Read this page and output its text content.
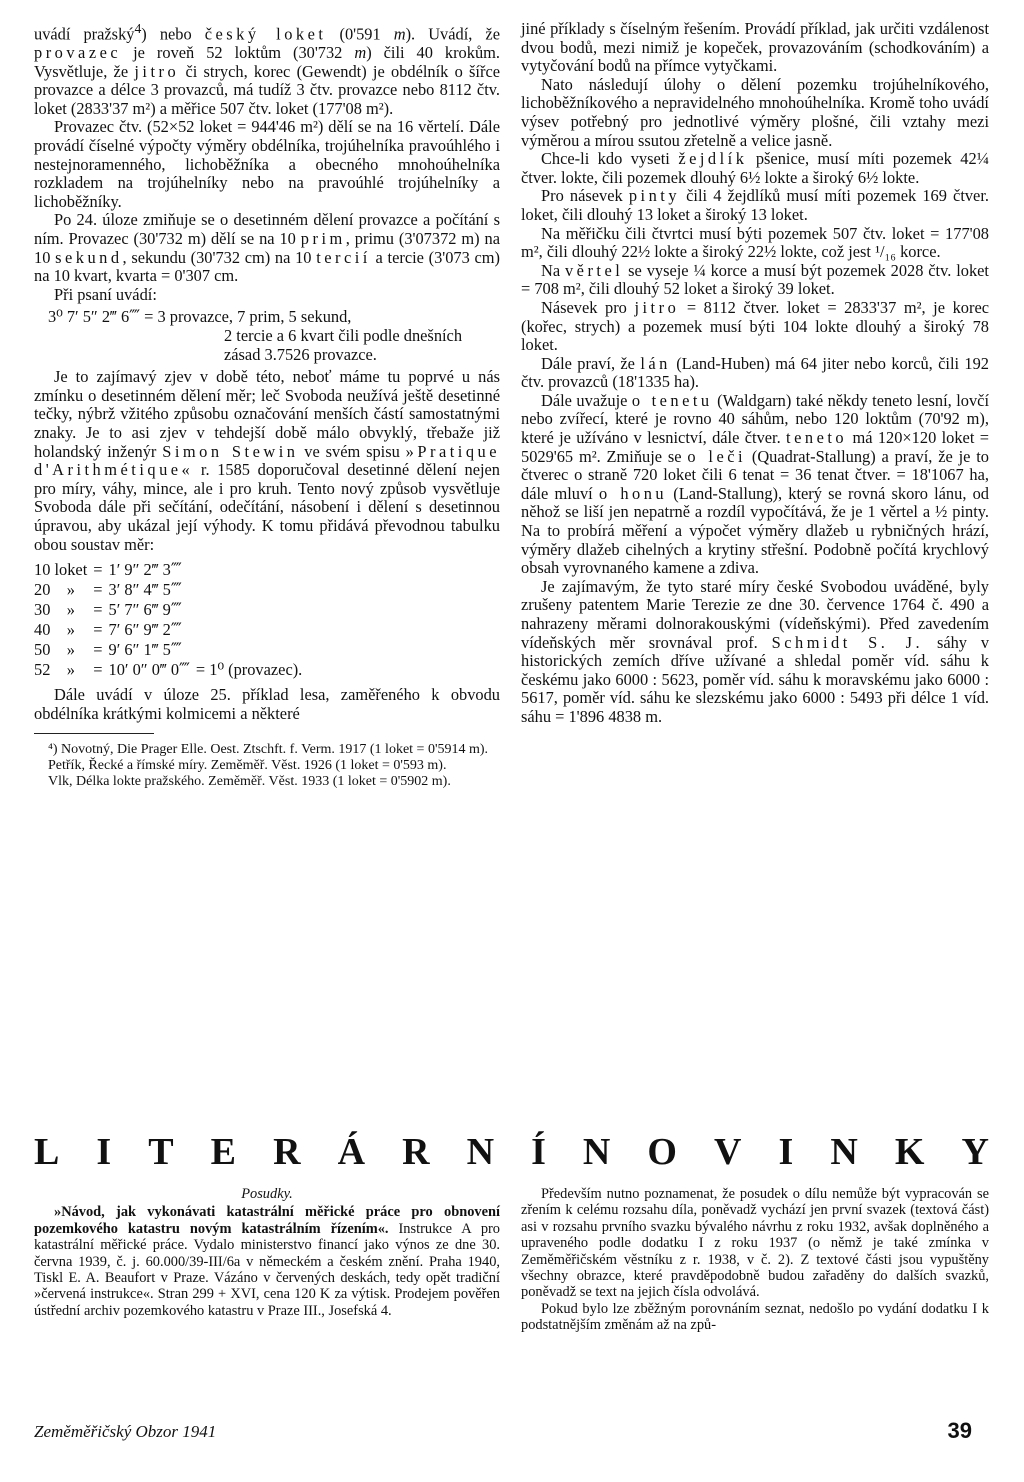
uvádí pražský$^4$) nebo český loket (0'591 m). Uvádí, že provazec je roveň 52 loktům (30'732 m) čili 40 krokům. Vysvětluje, že jitro či strych, korec (Gewendt) je obdélník o šířce provazce a délce 3 provazců, má tudíž 3 čtv. provazce nebo 8112 čtv. loket (2833'37 m²) a měřice 507 čtv. loket (177'08 m²).

Provazec čtv. (52×52 loket = 944'46 m²) dělí se na 16 věrtelí. Dále provádí číselné výpočty výměry obdélníka, trojúhelníka pravoúhlého i nestejnoramenného, lichoběžníka a obecného mnohoúhelníka rozkladem na trojúhelníky nebo na pravoúhlé trojúhelníky a lichoběžníky.

Po 24. úloze zmiňuje se o desetinném dělení provazce a počítání s ním. Provazec (30'732 m) dělí se na 10 prim, primu (3'07372 m) na 10 sekund, sekundu (30'732 cm) na 10 tercií a tercie (3'073 cm) na 10 kvart, kvarta = 0'307 cm.

Při psaní uvádí:

3⁰ 7′ 5″ 2‴ 6⁗ = 3 provazce, 7 prim, 5 sekund,
2 tercie a 6 kvart čili podle dnešních zásad 3.7526 provazce.

Je to zajímavý zjev v době této, neboť máme tu poprvé u nás zmínku o desetinném dělení měr; leč Svoboda neužívá ještě desetinné tečky, nýbrž vžitého způsobu označování menších částí samostatnými znaky. Je to asi zjev v tehdejší době málo obvyklý, třebaže již holandský inženýr Simon Stewin ve svém spisu »Pratique d'Arithmétique« r. 1585 doporučoval desetinné dělení nejen pro míry, váhy, mince, ale i pro kruh. Tento nový způsob vysvětluje Svoboda dále při sečítání, odečítání, násobení i dělení s desetinnou úpravou, aby ukázal její výhody. K tomu přidává převodnou tabulku obou soustav měr:

10 loket	=	1′ 9″ 2‴ 3⁗	
20    »	=	3′ 8″ 4‴ 5⁗	
30    »	=	5′ 7″ 6‴ 9⁗	
40    »	=	7′ 6″ 9‴ 2⁗	
50    »	=	9′ 6″ 1‴ 5⁗	
52    »	=	10′ 0″ 0‴ 0⁗	= 1⁰ (provazec).

Dále uvádí v úloze 25. příklad lesa, zaměřeného k obvodu obdélníka krátkými kolmicemi a některé

⁴) Novotný, Die Prager Elle. Oest. Ztschft. f. Verm. 1917 (1 loket = 0'5914 m).

Petřík, Řecké a římské míry. Zeměměř. Věst. 1926 (1 loket = 0'593 m).

Vlk, Délka lokte pražského. Zeměměř. Věst. 1933 (1 loket = 0'5902 m).

jiné příklady s číselným řešením. Provádí příklad, jak určiti vzdálenost dvou bodů, mezi nimiž je kopeček, provazováním (schodkováním) a vytyčování bodů na přímce vytyčkami.

Nato následují úlohy o dělení pozemku trojúhelníkového, lichoběžníkového a nepravidelného mnohoúhelníka. Kromě toho uvádí výsev potřebný pro jednotlivé výměry plošné, čili vztahy mezi výměrou a mírou ssutou zřetelně a velice jasně.

Chce-li kdo vyseti žejdlík pšenice, musí míti pozemek 42¼ čtver. lokte, čili pozemek dlouhý 6½ lokte a široký 6½ lokte.

Pro násevek pinty čili 4 žejdlíků musí míti pozemek 169 čtver. loket, čili dlouhý 13 loket a široký 13 loket.

Na měřičku čili čtvrtci musí býti pozemek 507 čtv. loket = 177'08 m², čili dlouhý 22½ lokte a široký 22½ lokte, což jest ¹/₁₆ korce.

Na věrtel se vyseje ¼ korce a musí být pozemek 2028 čtv. loket = 708 m², čili dlouhý 52 loket a široký 39 loket.

Násevek pro jitro = 8112 čtver. loket = 2833'37 m², je korec (kořec, strych) a pozemek musí býti 104 lokte dlouhý a široký 78 loket.

Dále praví, že lán (Land-Huben) má 64 jiter nebo korců, čili 192 čtv. provazců (18'1335 ha).

Dále uvažuje o tenetu (Waldgarn) také někdy teneto lesní, lovčí nebo zvířecí, které je rovno 40 sáhům, nebo 120 loktům (70'92 m), které je užíváno v lesnictví, dále čtver. teneto má 120×120 loket = 5029'65 m². Zmiňuje se o leči (Quadrat-Stallung) a praví, že je to čtverec o straně 720 loket čili 6 tenat = 36 tenat čtver. = 18'1067 ha, dále mluví o honu (Land-Stallung), který se rovná skoro lánu, od něhož se liší jen nepatrně a rozdíl vypočítává, že je 1 věrtel a ½ pinty. Na to probírá měření a výpočet výměry dlažeb u rybničných hrází, výměry dlažeb cihelných a krytiny střešní. Podobně počítá krychlový obsah vyrovnaného kamene a zdiva.

Je zajímavým, že tyto staré míry české Svobodou uváděné, byly zrušeny patentem Marie Terezie ze dne 30. července 1764 č. 490 a nahrazeny měrami dolnorakouskými (vídeňskými). Před zavedením vídeňských měr srovnával prof. Schmidt S. J. sáhy v historických zemích dříve užívané a shledal poměr víd. sáhu k českému jako 6000 : 5623, poměr víd. sáhu k moravskému jako 6000 : 5617, poměr víd. sáhu ke slezskému jako 6000 : 5493 při délce 1 víd. sáhu = 1'896 4838 m.

L I T E R Á R N Í N O V I N K Y
Posudky.

»Návod, jak vykonávati katastrální měřické práce pro obnovení pozemkového katastru novým katastrálním řízením«. Instrukce A pro katastrální měřické práce. Vydalo ministerstvo financí jako výnos ze dne 30. června 1939, č. j. 60.000/39-III/6a v německém a českém znění. Praha 1940, Tiskl E. A. Beaufort v Praze. Vázáno v červených deskách, tedy opět tradiční »červená instrukce«. Stran 299 + XVI, cena 120 K za výtisk. Prodejem pověřen ústřední archiv pozemkového katastru v Praze III., Josefská 4.

Především nutno poznamenat, že posudek o dílu nemůže být vypracován se zřením k celému rozsahu díla, poněvadž vychází jen první svazek (textová část) asi v rozsahu prvního svazku bývalého návrhu z roku 1932, avšak doplněného a upraveného podle dodatku I z roku 1937 (o němž je také zmínka v Zeměměřičském věstníku z r. 1938, v č. 2). Z textové části jsou vypuštěny všechny obrazce, které pravděpodobně budou zařaděny do dalších svazků, poněvadž se text na jejich čísla odvolává.

Pokud bylo lze zběžným porovnáním seznat, nedošlo po vydání dodatku I k podstatnějším změnám až na způ-

Zeměměřičský Obzor 1941	39
